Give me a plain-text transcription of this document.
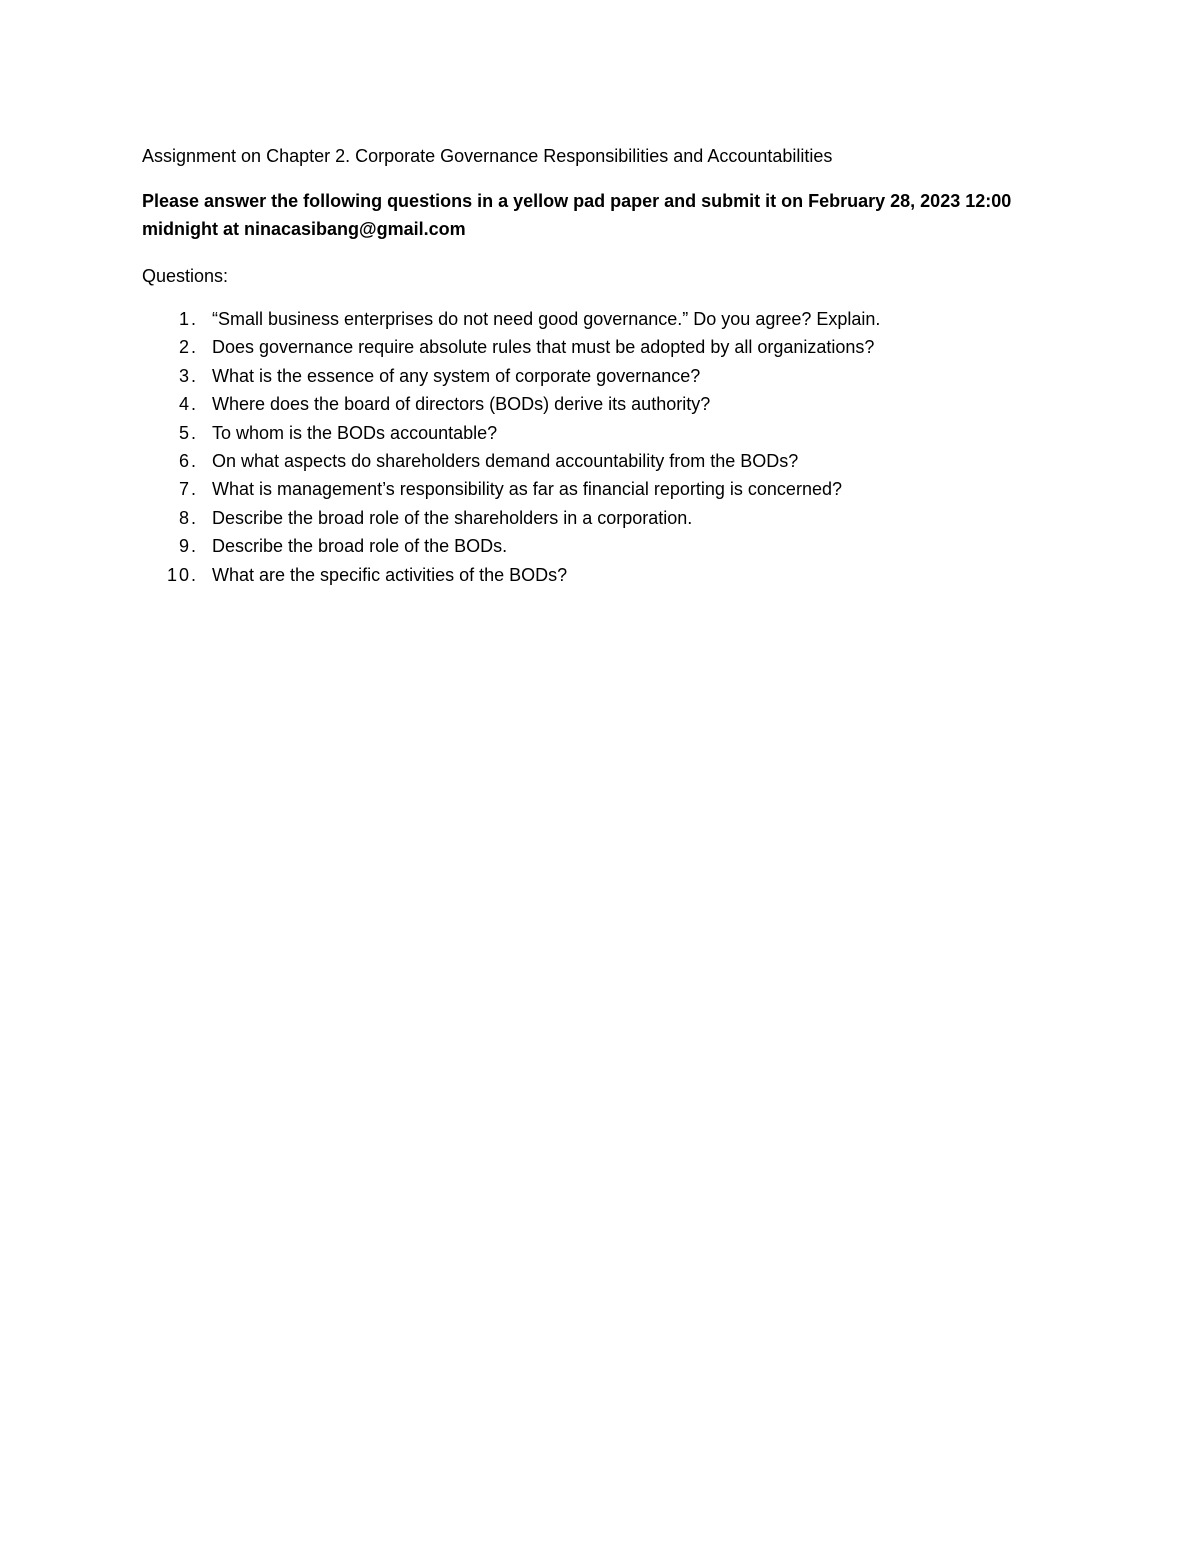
Assignment on Chapter 2. Corporate Governance Responsibilities and Accountabilities

Please answer the following questions in a yellow pad paper and submit it on February 28, 2023 12:00 midnight at ninacasibang@gmail.com

Questions:

1. “Small business enterprises do not need good governance.” Do you agree? Explain.
2. Does governance require absolute rules that must be adopted by all organizations?
3. What is the essence of any system of corporate governance?
4. Where does the board of directors (BODs) derive its authority?
5. To whom is the BODs accountable?
6. On what aspects do shareholders demand accountability from the BODs?
7. What is management’s responsibility as far as financial reporting is concerned?
8. Describe the broad role of the shareholders in a corporation.
9. Describe the broad role of the BODs.
10. What are the specific activities of the BODs?
